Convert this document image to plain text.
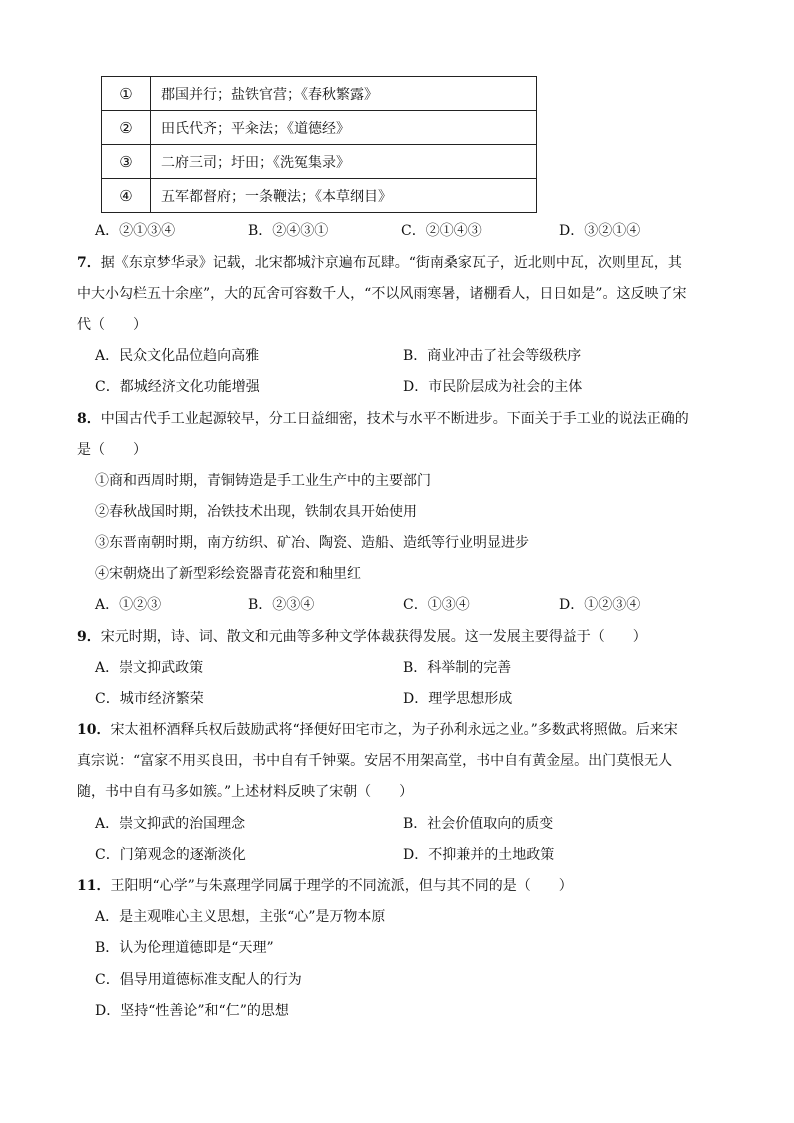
①	郡国并行；盐铁官营；《春秋繁露》
②	田氏代齐；平籴法；《道德经》
③	二府三司；圩田；《洗冤集录》
④	五军都督府；一条鞭法；《本草纲目》
A．②①③④	B．②④③①	C．②①④③	D．③②①④
7．据《东京梦华录》记载，北宋都城汴京遍布瓦肆。“街南桑家瓦子，近北则中瓦，次则里瓦，其
中大小勾栏五十余座”，大的瓦舍可容数千人，“不以风雨寒暑，诸棚看人，日日如是”。这反映了宋
代（　　）
A．民众文化品位趋向高雅	B．商业冲击了社会等级秩序
C．都城经济文化功能增强	D．市民阶层成为社会的主体
8．中国古代手工业起源较早，分工日益细密，技术与水平不断进步。下面关于手工业的说法正确的
是（　　）
①商和西周时期，青铜铸造是手工业生产中的主要部门
②春秋战国时期，冶铁技术出现，铁制农具开始使用
③东晋南朝时期，南方纺织、矿冶、陶瓷、造船、造纸等行业明显进步
④宋朝烧出了新型彩绘瓷器青花瓷和釉里红
A．①②③	B．②③④	C．①③④	D．①②③④
9．宋元时期，诗、词、散文和元曲等多种文学体裁获得发展。这一发展主要得益于（　　）
A．崇文抑武政策	B．科举制的完善
C．城市经济繁荣	D．理学思想形成
10．宋太祖杯酒释兵权后鼓励武将“择便好田宅市之，为子孙利永远之业。”多数武将照做。后来宋
真宗说：“富家不用买良田，书中自有千钟粟。安居不用架高堂，书中自有黄金屋。出门莫恨无人
随，书中自有马多如簇。”上述材料反映了宋朝（　　）
A．崇文抑武的治国理念	B．社会价值取向的质变
C．门第观念的逐渐淡化	D．不抑兼并的土地政策
11．王阳明“心学”与朱熹理学同属于理学的不同流派，但与其不同的是（　　）
A．是主观唯心主义思想，主张“心”是万物本原
B．认为伦理道德即是“天理”
C．倡导用道德标准支配人的行为
D．坚持“性善论”和“仁”的思想
